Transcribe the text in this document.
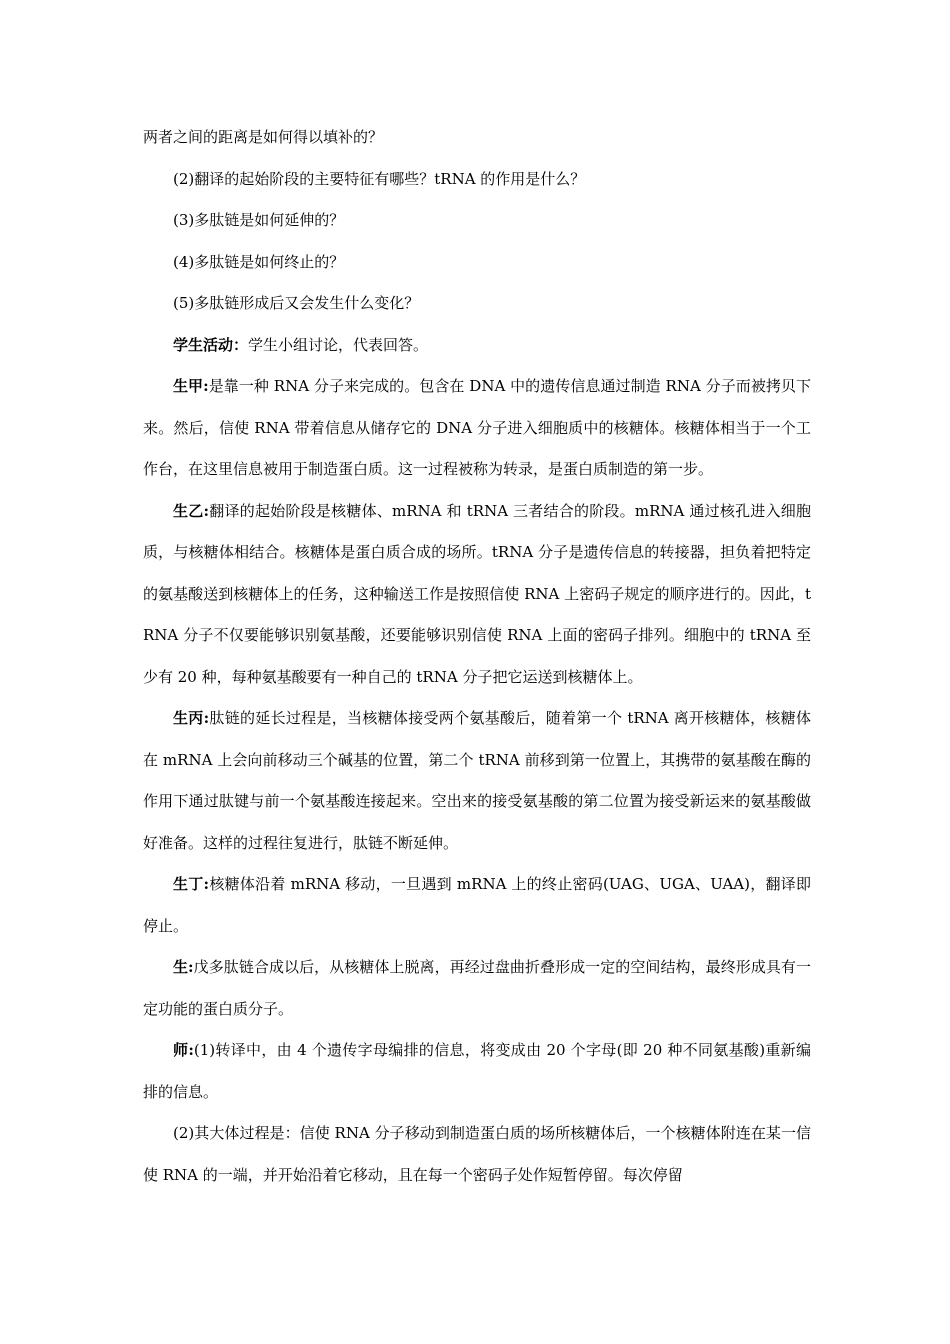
两者之间的距离是如何得以填补的？

(2)翻译的起始阶段的主要特征有哪些？tRNA 的作用是什么？

(3)多肽链是如何延伸的？

(4)多肽链是如何终止的？

(5)多肽链形成后又会发生什么变化？

学生活动：学生小组讨论，代表回答。

生甲:是靠一种 RNA 分子来完成的。包含在 DNA 中的遗传信息通过制造 RNA 分子而被拷贝下来。然后，信使 RNA 带着信息从储存它的 DNA 分子进入细胞质中的核糖体。核糖体相当于一个工作台，在这里信息被用于制造蛋白质。这一过程被称为转录，是蛋白质制造的第一步。

生乙:翻译的起始阶段是核糖体、mRNA 和 tRNA 三者结合的阶段。mRNA 通过核孔进入细胞质，与核糖体相结合。核糖体是蛋白质合成的场所。tRNA 分子是遗传信息的转接器，担负着把特定的氨基酸送到核糖体上的任务，这种输送工作是按照信使 RNA 上密码子规定的顺序进行的。因此，tRNA 分子不仅要能够识别氨基酸，还要能够识别信使 RNA 上面的密码子排列。细胞中的 tRNA 至少有 20 种，每种氨基酸要有一种自己的 tRNA 分子把它运送到核糖体上。

生丙:肽链的延长过程是，当核糖体接受两个氨基酸后，随着第一个 tRNA 离开核糖体，核糖体在 mRNA 上会向前移动三个碱基的位置，第二个 tRNA 前移到第一位置上，其携带的氨基酸在酶的作用下通过肽键与前一个氨基酸连接起来。空出来的接受氨基酸的第二位置为接受新运来的氨基酸做好准备。这样的过程往复进行，肽链不断延伸。

生丁:核糖体沿着 mRNA 移动，一旦遇到 mRNA 上的终止密码(UAG、UGA、UAA)，翻译即停止。

生:戊多肽链合成以后，从核糖体上脱离，再经过盘曲折叠形成一定的空间结构，最终形成具有一定功能的蛋白质分子。

师:(1)转译中，由 4 个遗传字母编排的信息，将变成由 20 个字母(即 20 种不同氨基酸)重新编排的信息。

(2)其大体过程是：信使 RNA 分子移动到制造蛋白质的场所核糖体后，一个核糖体附连在某一信使 RNA 的一端，并开始沿着它移动，且在每一个密码子处作短暂停留。每次停留
